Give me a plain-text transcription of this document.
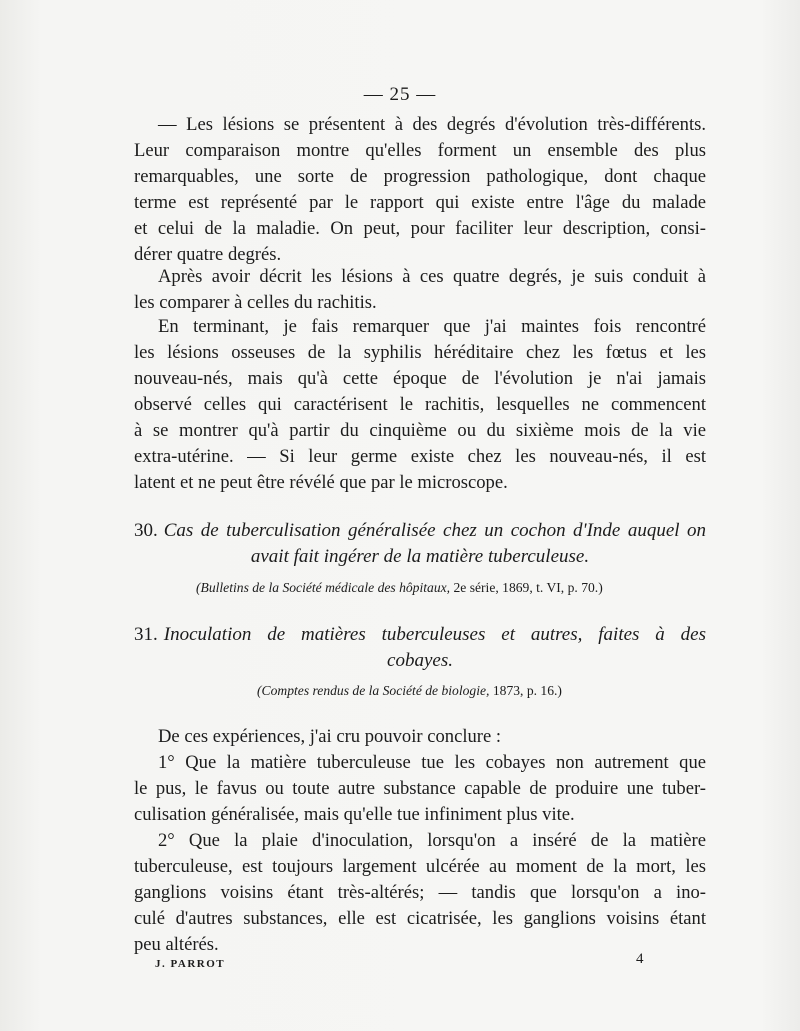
— 25 —
— Les lésions se présentent à des degrés d'évolution très-différents.
Leur comparaison montre qu'elles forment un ensemble des plus
remarquables, une sorte de progression pathologique, dont chaque
terme est représenté par le rapport qui existe entre l'âge du malade
et celui de la maladie. On peut, pour faciliter leur description, consi-
dérer quatre degrés.
Après avoir décrit les lésions à ces quatre degrés, je suis conduit à
les comparer à celles du rachitis.
En terminant, je fais remarquer que j'ai maintes fois rencontré
les lésions osseuses de la syphilis héréditaire chez les fœtus et les
nouveau-nés, mais qu'à cette époque de l'évolution je n'ai jamais
observé celles qui caractérisent le rachitis, lesquelles ne commencent
à se montrer qu'à partir du cinquième ou du sixième mois de la vie
extra-utérine. — Si leur germe existe chez les nouveau-nés, il est
latent et ne peut être révélé que par le microscope.
30. Cas de tuberculisation généralisée chez un cochon d'Inde auquel on
avait fait ingérer de la matière tuberculeuse.
(Bulletins de la Société médicale des hôpitaux, 2e série, 1869, t. VI, p. 70.)
31. Inoculation de matières tuberculeuses et autres, faites à des
cobayes.
(Comptes rendus de la Société de biologie, 1873, p. 16.)
De ces expériences, j'ai cru pouvoir conclure :
1° Que la matière tuberculeuse tue les cobayes non autrement que
le pus, le favus ou toute autre substance capable de produire une tuber-
culisation généralisée, mais qu'elle tue infiniment plus vite.
2° Que la plaie d'inoculation, lorsqu'on a inséré de la matière
tuberculeuse, est toujours largement ulcérée au moment de la mort, les
ganglions voisins étant très-altérés; — tandis que lorsqu'on a ino-
culé d'autres substances, elle est cicatrisée, les ganglions voisins étant
peu altérés.
J. PARROT	4
